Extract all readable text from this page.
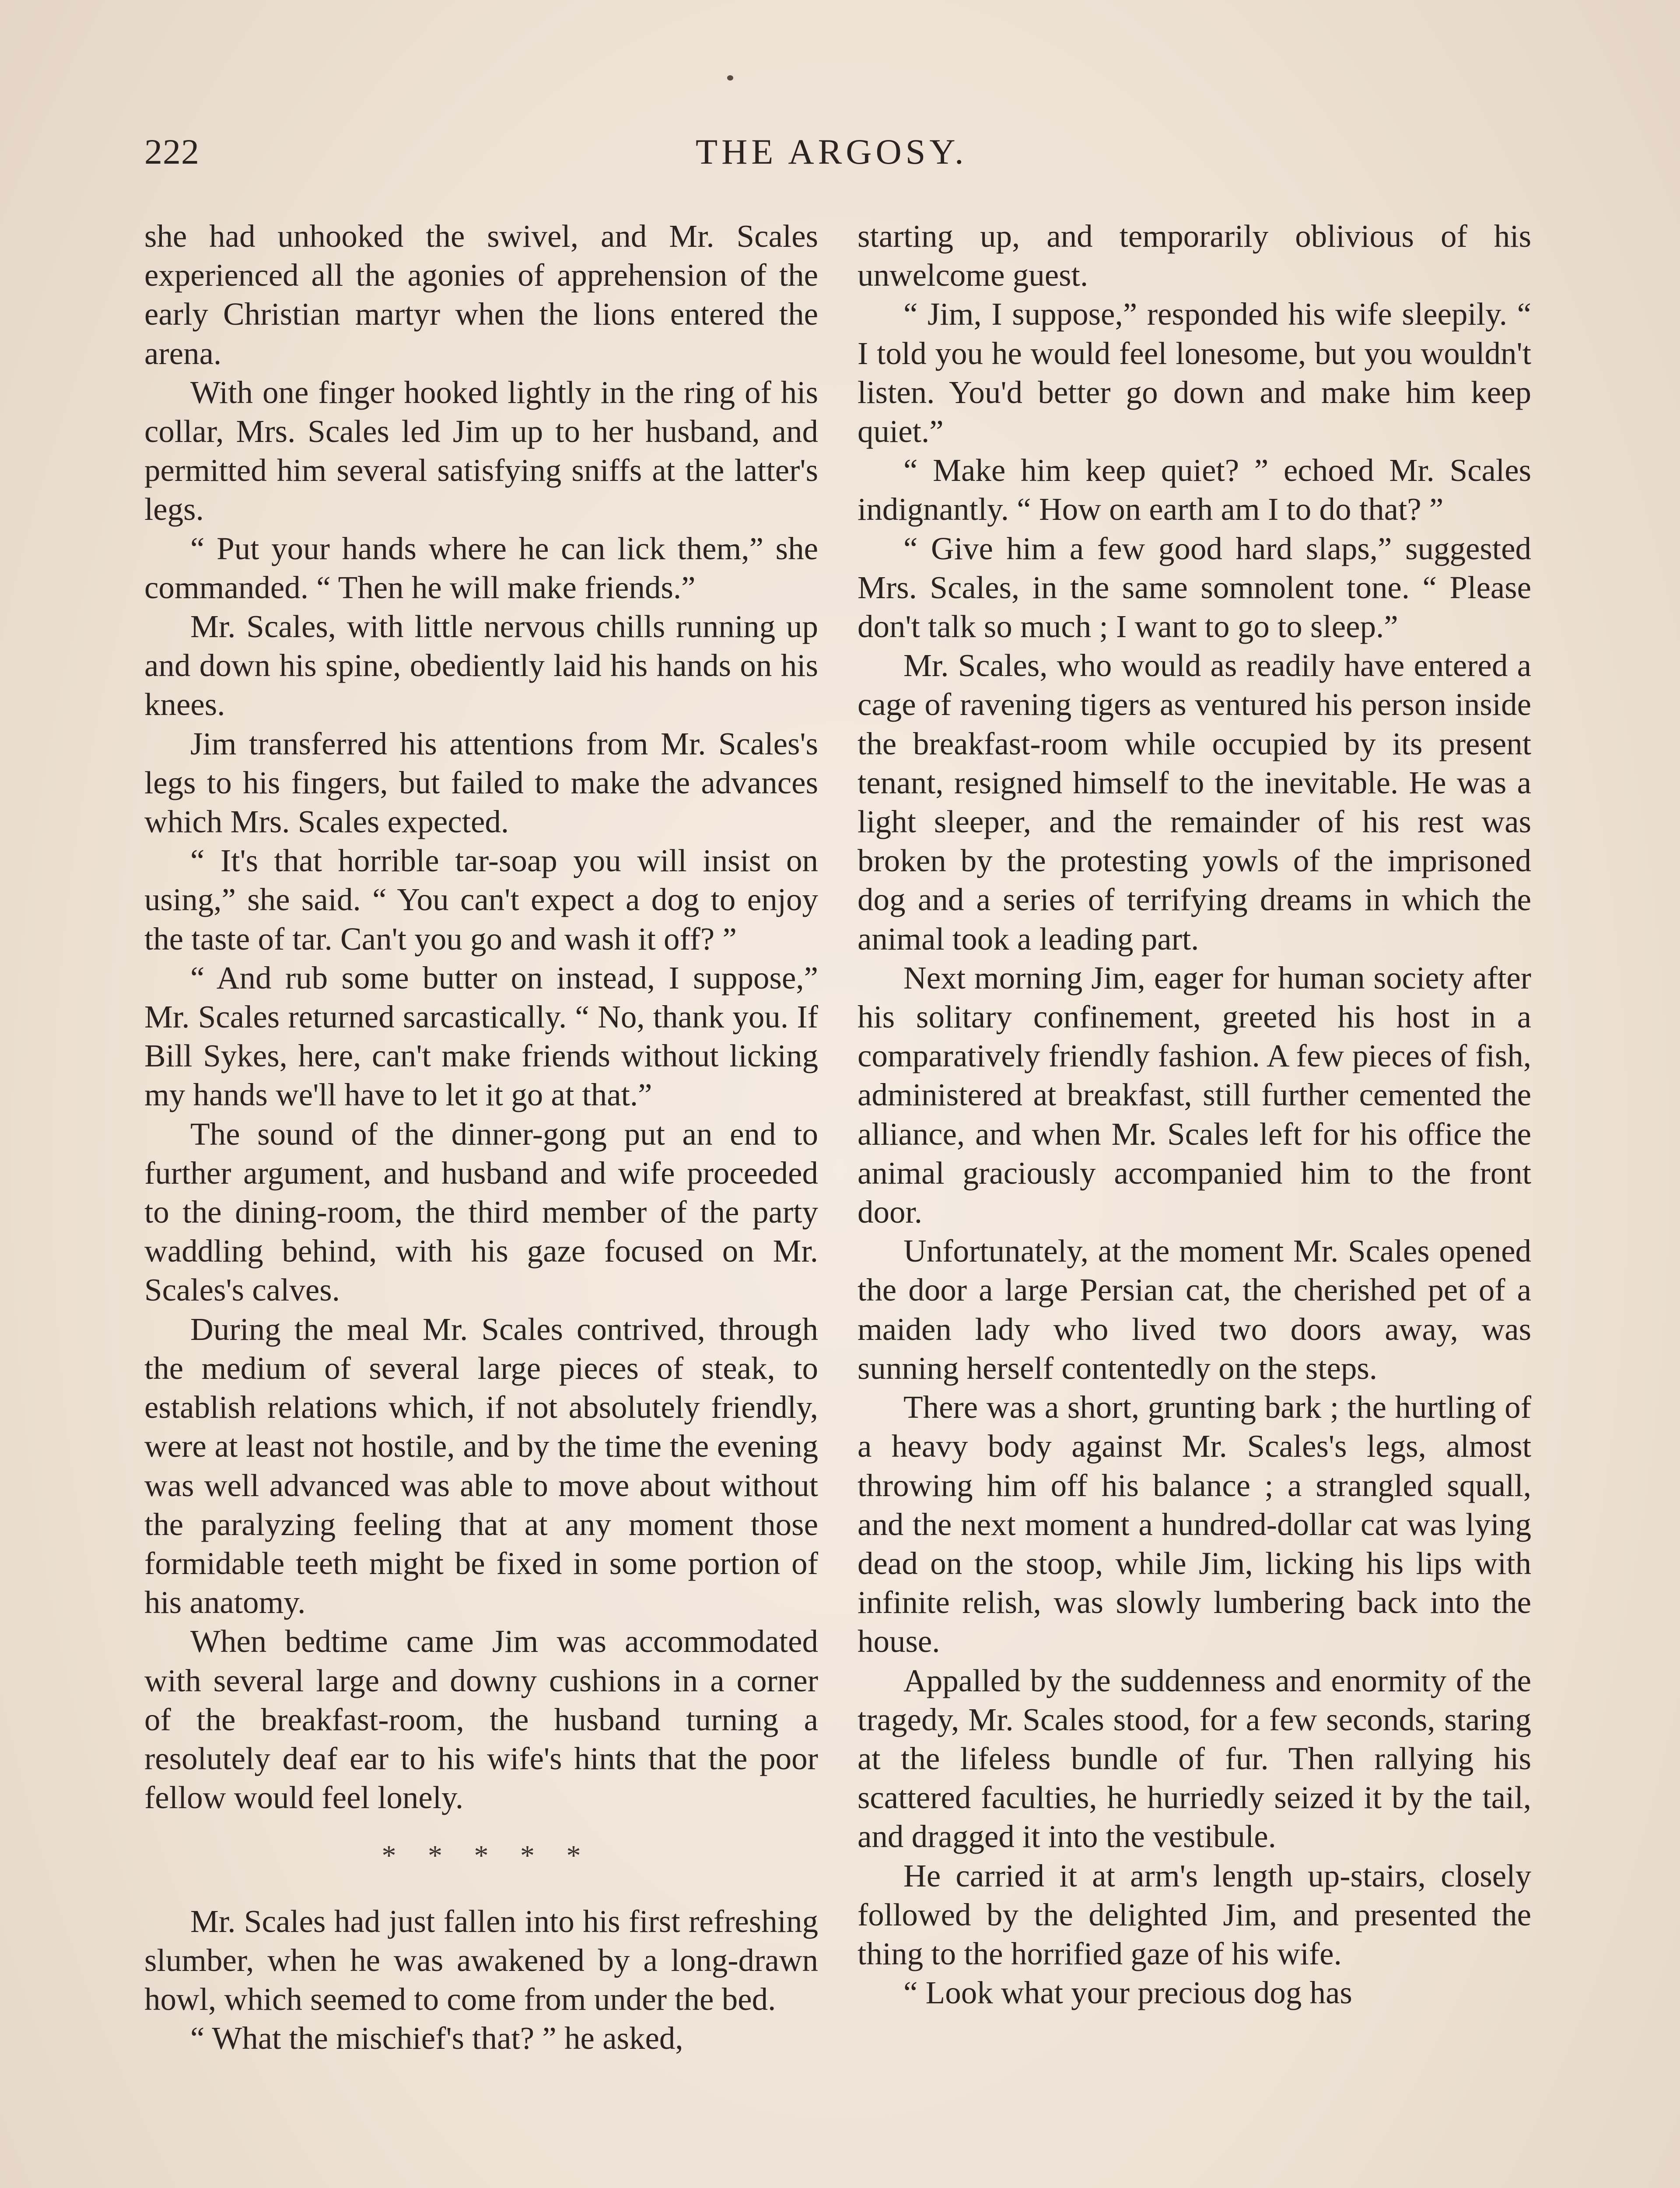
222	THE ARGOSY.

she had unhooked the swivel, and Mr. Scales experienced all the agonies of apprehension of the early Christian martyr when the lions entered the arena.

With one finger hooked lightly in the ring of his collar, Mrs. Scales led Jim up to her husband, and permitted him several satisfying sniffs at the latter's legs.

“ Put your hands where he can lick them,” she commanded. “ Then he will make friends.”

Mr. Scales, with little nervous chills running up and down his spine, obediently laid his hands on his knees.

Jim transferred his attentions from Mr. Scales's legs to his fingers, but failed to make the advances which Mrs. Scales expected.

“ It's that horrible tar-soap you will insist on using,” she said. “ You can't expect a dog to enjoy the taste of tar. Can't you go and wash it off? ”

“ And rub some butter on instead, I suppose,” Mr. Scales returned sarcastically. “ No, thank you. If Bill Sykes, here, can't make friends without licking my hands we'll have to let it go at that.”

The sound of the dinner-gong put an end to further argument, and husband and wife proceeded to the dining-room, the third member of the party waddling behind, with his gaze focused on Mr. Scales's calves.

During the meal Mr. Scales contrived, through the medium of several large pieces of steak, to establish relations which, if not absolutely friendly, were at least not hostile, and by the time the evening was well advanced was able to move about without the paralyzing feeling that at any moment those formidable teeth might be fixed in some portion of his anatomy.

When bedtime came Jim was accommodated with several large and downy cushions in a corner of the breakfast-room, the husband turning a resolutely deaf ear to his wife's hints that the poor fellow would feel lonely.

* * * * *

Mr. Scales had just fallen into his first refreshing slumber, when he was awakened by a long-drawn howl, which seemed to come from under the bed.

“ What the mischief's that? ” he asked,

starting up, and temporarily oblivious of his unwelcome guest.

“ Jim, I suppose,” responded his wife sleepily. “ I told you he would feel lonesome, but you wouldn't listen. You'd better go down and make him keep quiet.”

“ Make him keep quiet? ” echoed Mr. Scales indignantly. “ How on earth am I to do that? ”

“ Give him a few good hard slaps,” suggested Mrs. Scales, in the same somnolent tone. “ Please don't talk so much ; I want to go to sleep.”

Mr. Scales, who would as readily have entered a cage of ravening tigers as ventured his person inside the breakfast-room while occupied by its present tenant, resigned himself to the inevitable. He was a light sleeper, and the remainder of his rest was broken by the protesting yowls of the imprisoned dog and a series of terrifying dreams in which the animal took a leading part.

Next morning Jim, eager for human society after his solitary confinement, greeted his host in a comparatively friendly fashion. A few pieces of fish, administered at breakfast, still further cemented the alliance, and when Mr. Scales left for his office the animal graciously accompanied him to the front door.

Unfortunately, at the moment Mr. Scales opened the door a large Persian cat, the cherished pet of a maiden lady who lived two doors away, was sunning herself contentedly on the steps.

There was a short, grunting bark ; the hurtling of a heavy body against Mr. Scales's legs, almost throwing him off his balance ; a strangled squall, and the next moment a hundred-dollar cat was lying dead on the stoop, while Jim, licking his lips with infinite relish, was slowly lumbering back into the house.

Appalled by the suddenness and enormity of the tragedy, Mr. Scales stood, for a few seconds, staring at the lifeless bundle of fur. Then rallying his scattered faculties, he hurriedly seized it by the tail, and dragged it into the vestibule.

He carried it at arm's length up-stairs, closely followed by the delighted Jim, and presented the thing to the horrified gaze of his wife.

“ Look what your precious dog has
